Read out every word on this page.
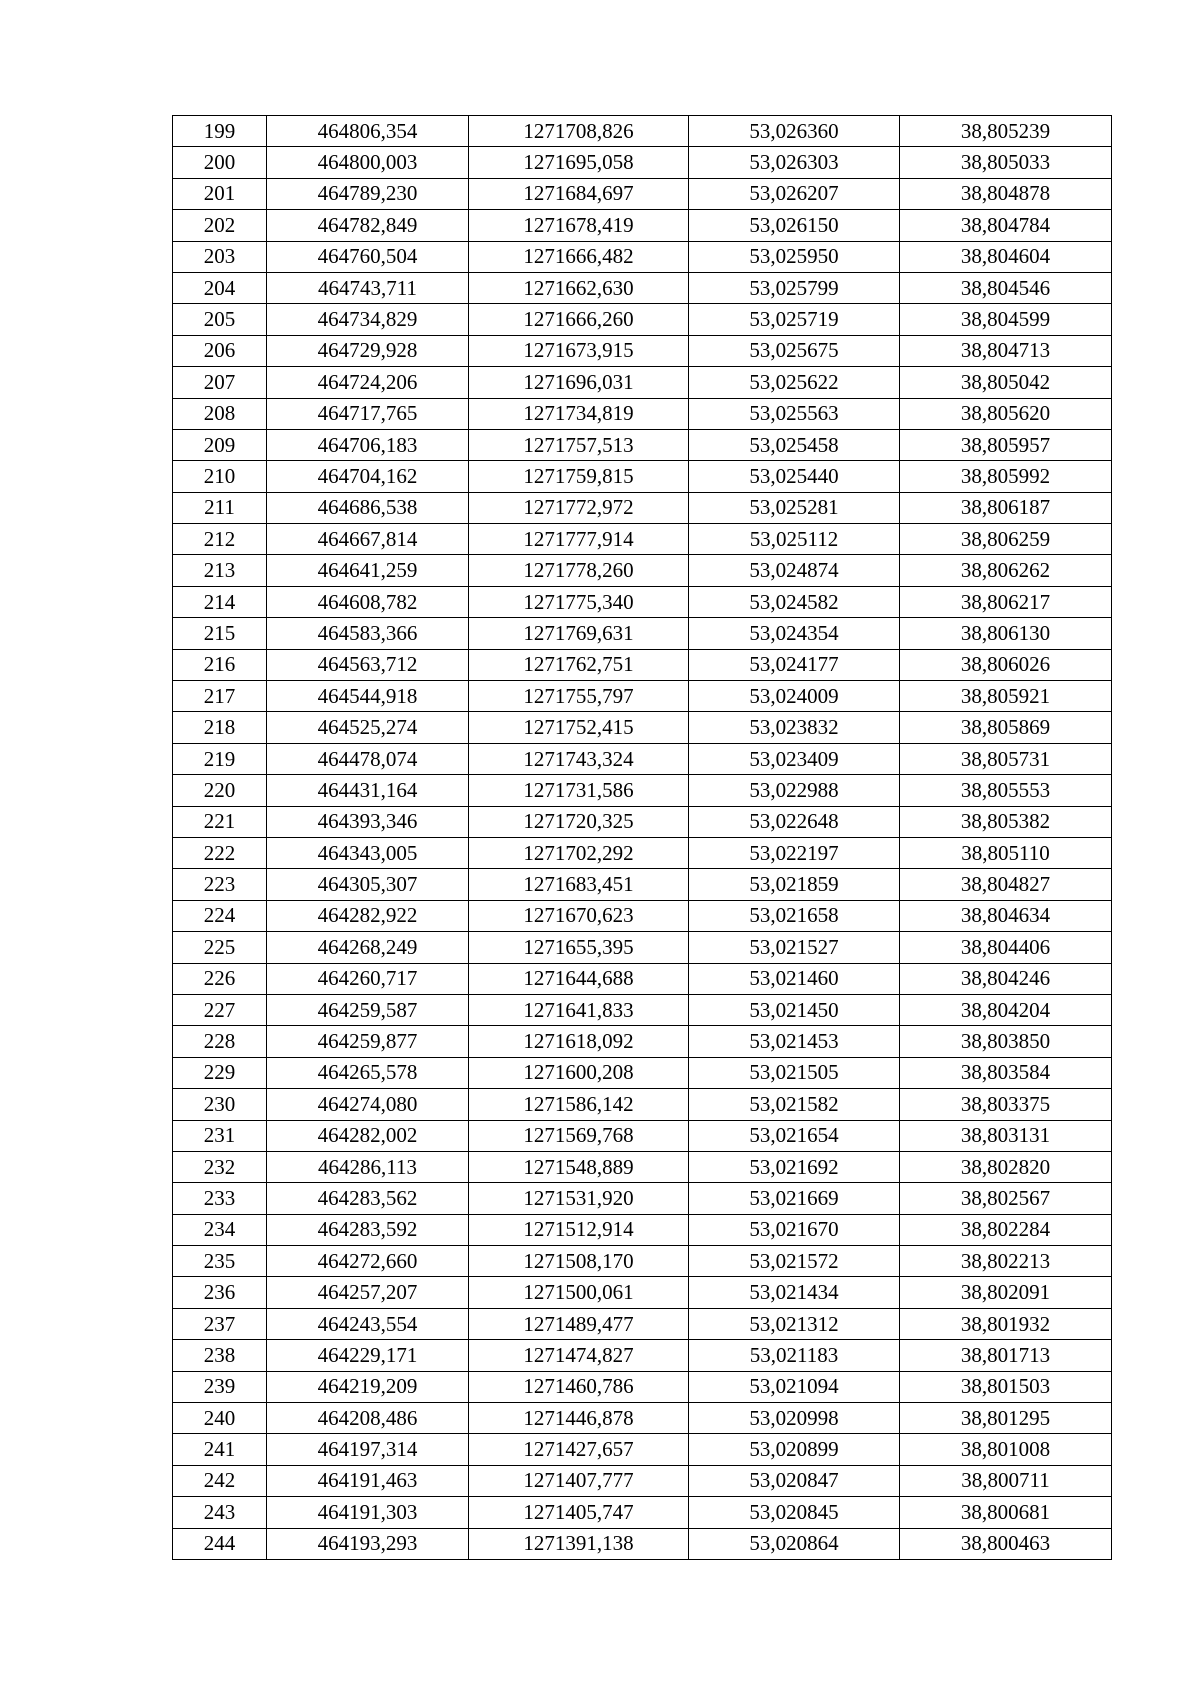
199	464806,354	1271708,826	53,026360	38,805239
200	464800,003	1271695,058	53,026303	38,805033
201	464789,230	1271684,697	53,026207	38,804878
202	464782,849	1271678,419	53,026150	38,804784
203	464760,504	1271666,482	53,025950	38,804604
204	464743,711	1271662,630	53,025799	38,804546
205	464734,829	1271666,260	53,025719	38,804599
206	464729,928	1271673,915	53,025675	38,804713
207	464724,206	1271696,031	53,025622	38,805042
208	464717,765	1271734,819	53,025563	38,805620
209	464706,183	1271757,513	53,025458	38,805957
210	464704,162	1271759,815	53,025440	38,805992
211	464686,538	1271772,972	53,025281	38,806187
212	464667,814	1271777,914	53,025112	38,806259
213	464641,259	1271778,260	53,024874	38,806262
214	464608,782	1271775,340	53,024582	38,806217
215	464583,366	1271769,631	53,024354	38,806130
216	464563,712	1271762,751	53,024177	38,806026
217	464544,918	1271755,797	53,024009	38,805921
218	464525,274	1271752,415	53,023832	38,805869
219	464478,074	1271743,324	53,023409	38,805731
220	464431,164	1271731,586	53,022988	38,805553
221	464393,346	1271720,325	53,022648	38,805382
222	464343,005	1271702,292	53,022197	38,805110
223	464305,307	1271683,451	53,021859	38,804827
224	464282,922	1271670,623	53,021658	38,804634
225	464268,249	1271655,395	53,021527	38,804406
226	464260,717	1271644,688	53,021460	38,804246
227	464259,587	1271641,833	53,021450	38,804204
228	464259,877	1271618,092	53,021453	38,803850
229	464265,578	1271600,208	53,021505	38,803584
230	464274,080	1271586,142	53,021582	38,803375
231	464282,002	1271569,768	53,021654	38,803131
232	464286,113	1271548,889	53,021692	38,802820
233	464283,562	1271531,920	53,021669	38,802567
234	464283,592	1271512,914	53,021670	38,802284
235	464272,660	1271508,170	53,021572	38,802213
236	464257,207	1271500,061	53,021434	38,802091
237	464243,554	1271489,477	53,021312	38,801932
238	464229,171	1271474,827	53,021183	38,801713
239	464219,209	1271460,786	53,021094	38,801503
240	464208,486	1271446,878	53,020998	38,801295
241	464197,314	1271427,657	53,020899	38,801008
242	464191,463	1271407,777	53,020847	38,800711
243	464191,303	1271405,747	53,020845	38,800681
244	464193,293	1271391,138	53,020864	38,800463
